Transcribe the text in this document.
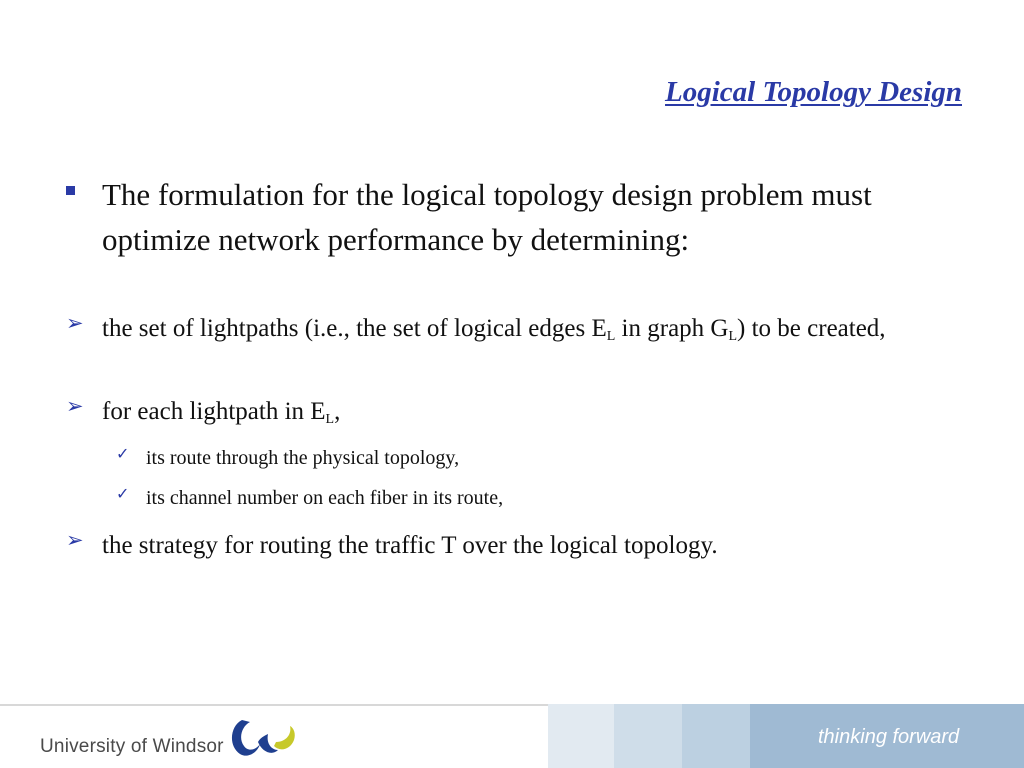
Logical Topology Design
The formulation for the logical topology design problem must optimize network performance by determining:
➢ the set of lightpaths (i.e., the set of logical edges $E_L$ in graph $G_L$) to be created,
➢ for each lightpath in $E_L$,
✓ its route through the physical topology,
✓ its channel number on each fiber in its route,
➢ the strategy for routing the traffic T over the logical topology.
University of Windsor	thinking forward
